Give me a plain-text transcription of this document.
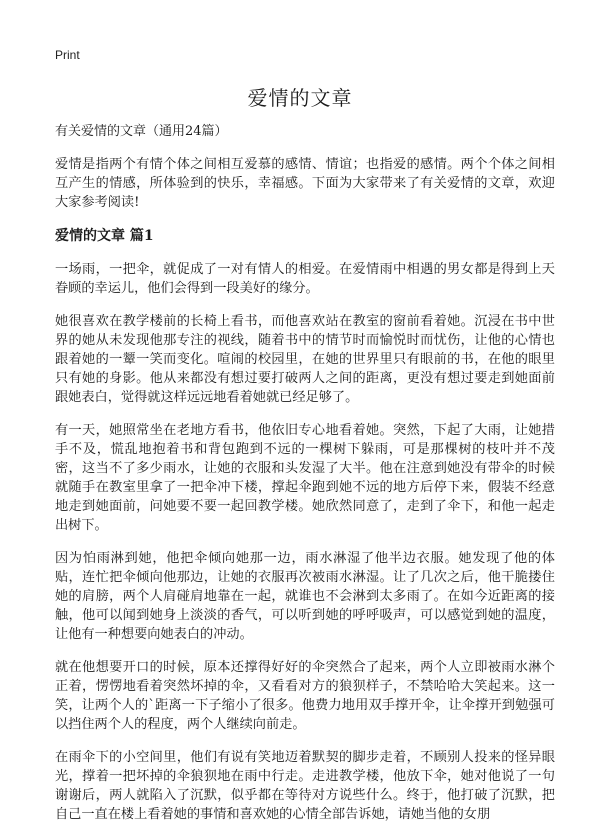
Print
爱情的文章

有关爱情的文章（通用24篇）

爱情是指两个有情个体之间相互爱慕的感情、情谊；也指爱的感情。两个个体之间相互产生的情感，所体验到的快乐，幸福感。下面为大家带来了有关爱情的文章，欢迎大家参考阅读!

爱情的文章 篇1

一场雨，一把伞，就促成了一对有情人的相爱。在爱情雨中相遇的男女都是得到上天眷顾的幸运儿，他们会得到一段美好的缘分。

她很喜欢在教学楼前的长椅上看书，而他喜欢站在教室的窗前看着她。沉浸在书中世界的她从未发现他那专注的视线，随着书中的情节时而愉悦时而忧伤，让他的心情也跟着她的一颦一笑而变化。喧闹的校园里，在她的世界里只有眼前的书，在他的眼里只有她的身影。他从来都没有想过要打破两人之间的距离，更没有想过要走到她面前跟她表白，觉得就这样远远地看着她就已经足够了。

有一天，她照常坐在老地方看书，他依旧专心地看着她。突然，下起了大雨，让她措手不及，慌乱地抱着书和背包跑到不远的一棵树下躲雨，可是那棵树的枝叶并不茂密，这当不了多少雨水，让她的衣服和头发湿了大半。他在注意到她没有带伞的时候就随手在教室里拿了一把伞冲下楼，撑起伞跑到她不远的地方后停下来，假装不经意地走到她面前，问她要不要一起回教学楼。她欣然同意了，走到了伞下，和他一起走出树下。

因为怕雨淋到她，他把伞倾向她那一边，雨水淋湿了他半边衣服。她发现了他的体贴，连忙把伞倾向他那边，让她的衣服再次被雨水淋湿。让了几次之后，他干脆搂住她的肩膀，两个人肩碰肩地靠在一起，就谁也不会淋到太多雨了。在如今近距离的接触，他可以闻到她身上淡淡的香气，可以听到她的呼呼吸声，可以感觉到她的温度，让他有一种想要向她表白的冲动。

就在他想要开口的时候，原本还撑得好好的伞突然合了起来，两个人立即被雨水淋个正着，愣愣地看着突然坏掉的伞，又看看对方的狼狈样子，不禁哈哈大笑起来。这一笑，让两个人的`距离一下子缩小了很多。他费力地用双手撑开伞，让伞撑开到勉强可以挡住两个人的程度，两个人继续向前走。

在雨伞下的小空间里，他们有说有笑地迈着默契的脚步走着，不顾别人投来的怪异眼光，撑着一把坏掉的伞狼狈地在雨中行走。走进教学楼，他放下伞，她对他说了一句谢谢后，两人就陷入了沉默，似乎都在等待对方说些什么。终于，他打破了沉默，把自己一直在楼上看着她的事情和喜欢她的心情全部告诉她，请她当他的女朋
